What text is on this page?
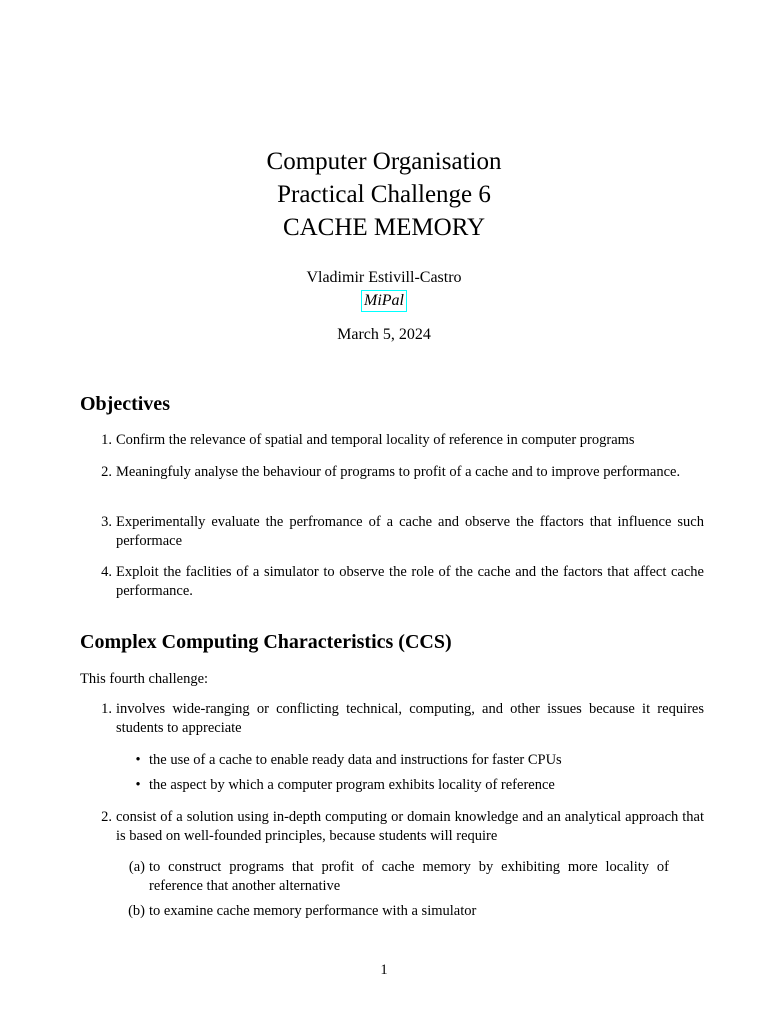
Computer Organisation
Practical Challenge 6
CACHE MEMORY
Vladimir Estivill-Castro
MiPal
March 5, 2024
Objectives
1. Confirm the relevance of spatial and temporal locality of reference in computer programs
2. Meaningfuly analyse the behaviour of programs to profit of a cache and to improve performance.
3. Experimentally evaluate the perfromance of a cache and observe the ffactors that influence such performace
4. Exploit the faclities of a simulator to observe the role of the cache and the factors that affect cache performance.
Complex Computing Characteristics (CCS)
This fourth challenge:
1. involves wide-ranging or conflicting technical, computing, and other issues because it requires students to appreciate
• the use of a cache to enable ready data and instructions for faster CPUs
• the aspect by which a computer program exhibits locality of reference
2. consist of a solution using in-depth computing or domain knowledge and an analytical approach that is based on well-founded principles, because students will require
(a) to construct programs that profit of cache memory by exhibiting more locality of reference that another alternative
(b) to examine cache memory performance with a simulator
1
